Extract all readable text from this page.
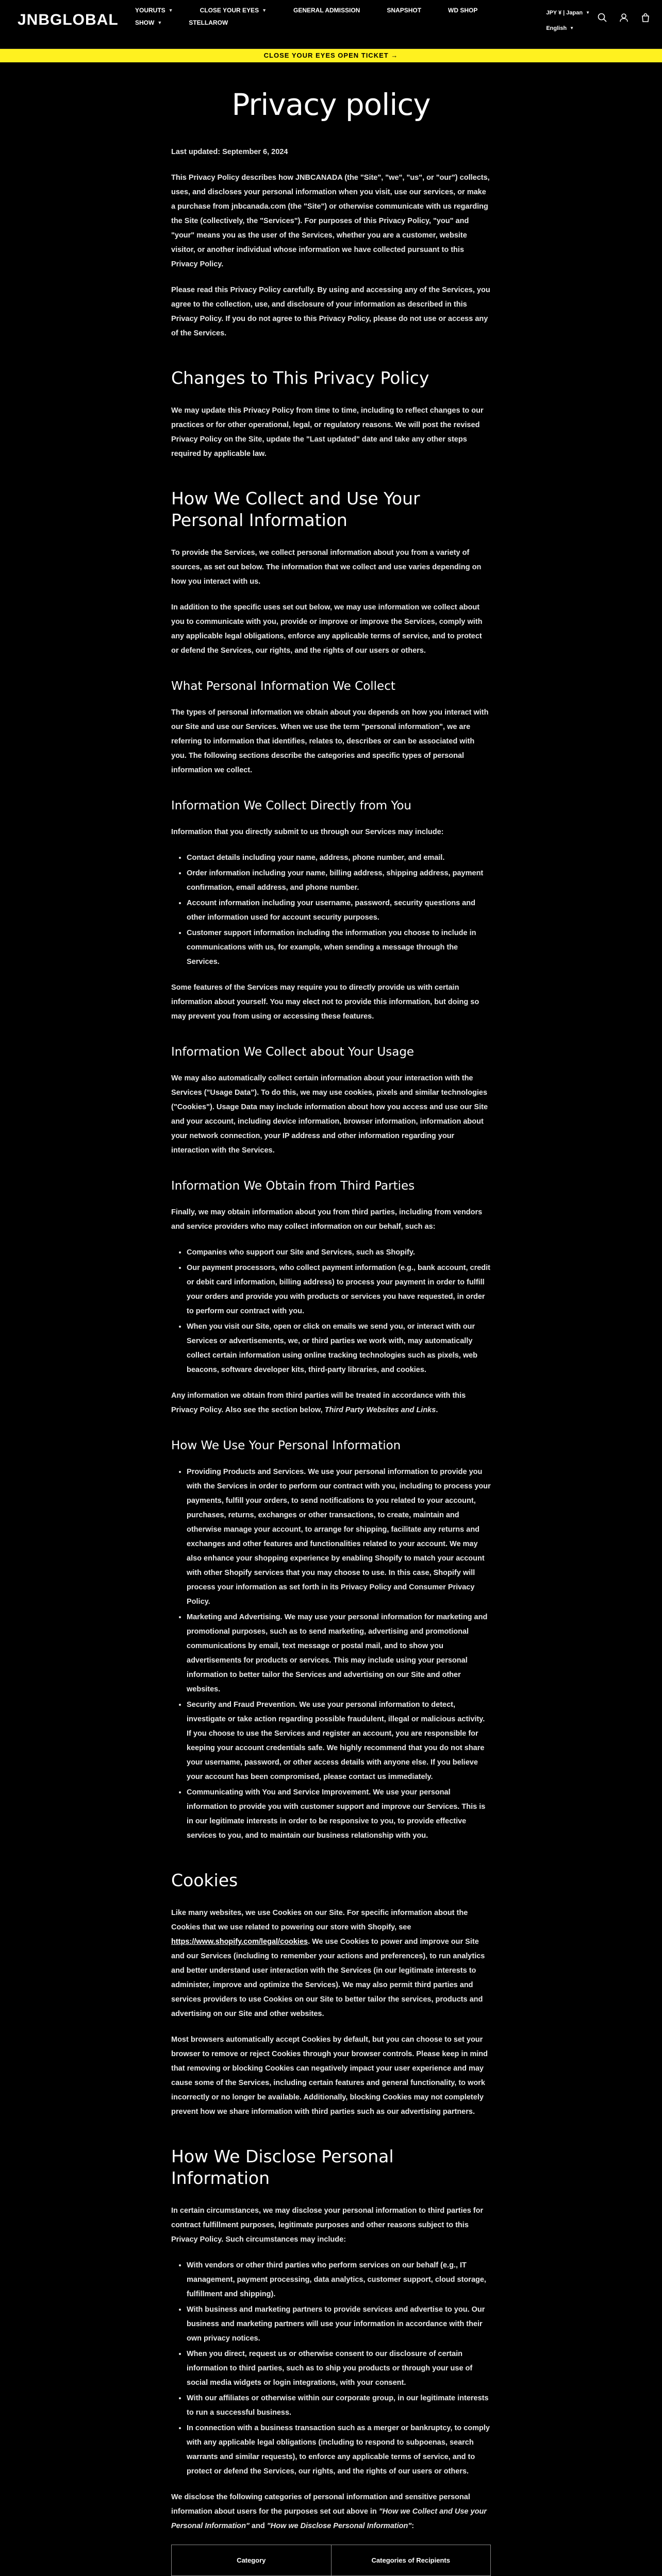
JNBGLOBAL
YOURUTS ▼	CLOSE YOUR EYES ▼	GENERAL ADMISSION	SNAPSHOT	WD SHOP
SHOW ▼	STELLAROW
JPY ¥ | Japan ▼
English ▼
CLOSE YOUR EYES OPEN TICKET →
Privacy policy

Last updated: September 6, 2024

This Privacy Policy describes how JNBCANADA (the "Site", "we", "us", or "our") collects, uses, and discloses your personal information when you visit, use our services, or make a purchase from jnbcanada.com (the "Site") or otherwise communicate with us regarding the Site (collectively, the "Services"). For purposes of this Privacy Policy, "you" and "your" means you as the user of the Services, whether you are a customer, website visitor, or another individual whose information we have collected pursuant to this Privacy Policy.

Please read this Privacy Policy carefully. By using and accessing any of the Services, you agree to the collection, use, and disclosure of your information as described in this Privacy Policy. If you do not agree to this Privacy Policy, please do not use or access any of the Services.

Changes to This Privacy Policy

We may update this Privacy Policy from time to time, including to reflect changes to our practices or for other operational, legal, or regulatory reasons. We will post the revised Privacy Policy on the Site, update the "Last updated" date and take any other steps required by applicable law.

How We Collect and Use Your Personal Information

To provide the Services, we collect personal information about you from a variety of sources, as set out below. The information that we collect and use varies depending on how you interact with us.

In addition to the specific uses set out below, we may use information we collect about you to communicate with you, provide or improve or improve the Services, comply with any applicable legal obligations, enforce any applicable terms of service, and to protect or defend the Services, our rights, and the rights of our users or others.

What Personal Information We Collect

The types of personal information we obtain about you depends on how you interact with our Site and use our Services. When we use the term "personal information", we are referring to information that identifies, relates to, describes or can be associated with you. The following sections describe the categories and specific types of personal information we collect.

Information We Collect Directly from You

Information that you directly submit to us through our Services may include:

• Contact details including your name, address, phone number, and email.
• Order information including your name, billing address, shipping address, payment confirmation, email address, and phone number.
• Account information including your username, password, security questions and other information used for account security purposes.
• Customer support information including the information you choose to include in communications with us, for example, when sending a message through the Services.

Some features of the Services may require you to directly provide us with certain information about yourself. You may elect not to provide this information, but doing so may prevent you from using or accessing these features.

Information We Collect about Your Usage

We may also automatically collect certain information about your interaction with the Services ("Usage Data"). To do this, we may use cookies, pixels and similar technologies ("Cookies"). Usage Data may include information about how you access and use our Site and your account, including device information, browser information, information about your network connection, your IP address and other information regarding your interaction with the Services.

Information We Obtain from Third Parties

Finally, we may obtain information about you from third parties, including from vendors and service providers who may collect information on our behalf, such as:

• Companies who support our Site and Services, such as Shopify.
• Our payment processors, who collect payment information (e.g., bank account, credit or debit card information, billing address) to process your payment in order to fulfill your orders and provide you with products or services you have requested, in order to perform our contract with you.
• When you visit our Site, open or click on emails we send you, or interact with our Services or advertisements, we, or third parties we work with, may automatically collect certain information using online tracking technologies such as pixels, web beacons, software developer kits, third-party libraries, and cookies.

Any information we obtain from third parties will be treated in accordance with this Privacy Policy. Also see the section below, Third Party Websites and Links.

How We Use Your Personal Information
• Providing Products and Services. We use your personal information to provide you with the Services in order to perform our contract with you, including to process your payments, fulfill your orders, to send notifications to you related to your account, purchases, returns, exchanges or other transactions, to create, maintain and otherwise manage your account, to arrange for shipping, facilitate any returns and exchanges and other features and functionalities related to your account. We may also enhance your shopping experience by enabling Shopify to match your account with other Shopify services that you may choose to use. In this case, Shopify will process your information as set forth in its Privacy Policy and Consumer Privacy Policy.
• Marketing and Advertising. We may use your personal information for marketing and promotional purposes, such as to send marketing, advertising and promotional communications by email, text message or postal mail, and to show you advertisements for products or services. This may include using your personal information to better tailor the Services and advertising on our Site and other websites.
• Security and Fraud Prevention. We use your personal information to detect, investigate or take action regarding possible fraudulent, illegal or malicious activity. If you choose to use the Services and register an account, you are responsible for keeping your account credentials safe. We highly recommend that you do not share your username, password, or other access details with anyone else. If you believe your account has been compromised, please contact us immediately.
• Communicating with You and Service Improvement. We use your personal information to provide you with customer support and improve our Services. This is in our legitimate interests in order to be responsive to you, to provide effective services to you, and to maintain our business relationship with you.
Cookies

Like many websites, we use Cookies on our Site. For specific information about the Cookies that we use related to powering our store with Shopify, see https://www.shopify.com/legal/cookies. We use Cookies to power and improve our Site and our Services (including to remember your actions and preferences), to run analytics and better understand user interaction with the Services (in our legitimate interests to administer, improve and optimize the Services). We may also permit third parties and services providers to use Cookies on our Site to better tailor the services, products and advertising on our Site and other websites.

Most browsers automatically accept Cookies by default, but you can choose to set your browser to remove or reject Cookies through your browser controls. Please keep in mind that removing or blocking Cookies can negatively impact your user experience and may cause some of the Services, including certain features and general functionality, to work incorrectly or no longer be available. Additionally, blocking Cookies may not completely prevent how we share information with third parties such as our advertising partners.

How We Disclose Personal Information

In certain circumstances, we may disclose your personal information to third parties for contract fulfillment purposes, legitimate purposes and other reasons subject to this Privacy Policy. Such circumstances may include:

• With vendors or other third parties who perform services on our behalf (e.g., IT management, payment processing, data analytics, customer support, cloud storage, fulfillment and shipping).
• With business and marketing partners to provide services and advertise to you. Our business and marketing partners will use your information in accordance with their own privacy notices.
• When you direct, request us or otherwise consent to our disclosure of certain information to third parties, such as to ship you products or through your use of social media widgets or login integrations, with your consent.
• With our affiliates or otherwise within our corporate group, in our legitimate interests to run a successful business.
• In connection with a business transaction such as a merger or bankruptcy, to comply with any applicable legal obligations (including to respond to subpoenas, search warrants and similar requests), to enforce any applicable terms of service, and to protect or defend the Services, our rights, and the rights of our users or others.

We disclose the following categories of personal information and sensitive personal information about users for the purposes set out above in "How we Collect and Use your Personal Information" and "How we Disclose Personal Information":

Category	Categories of Recipients
